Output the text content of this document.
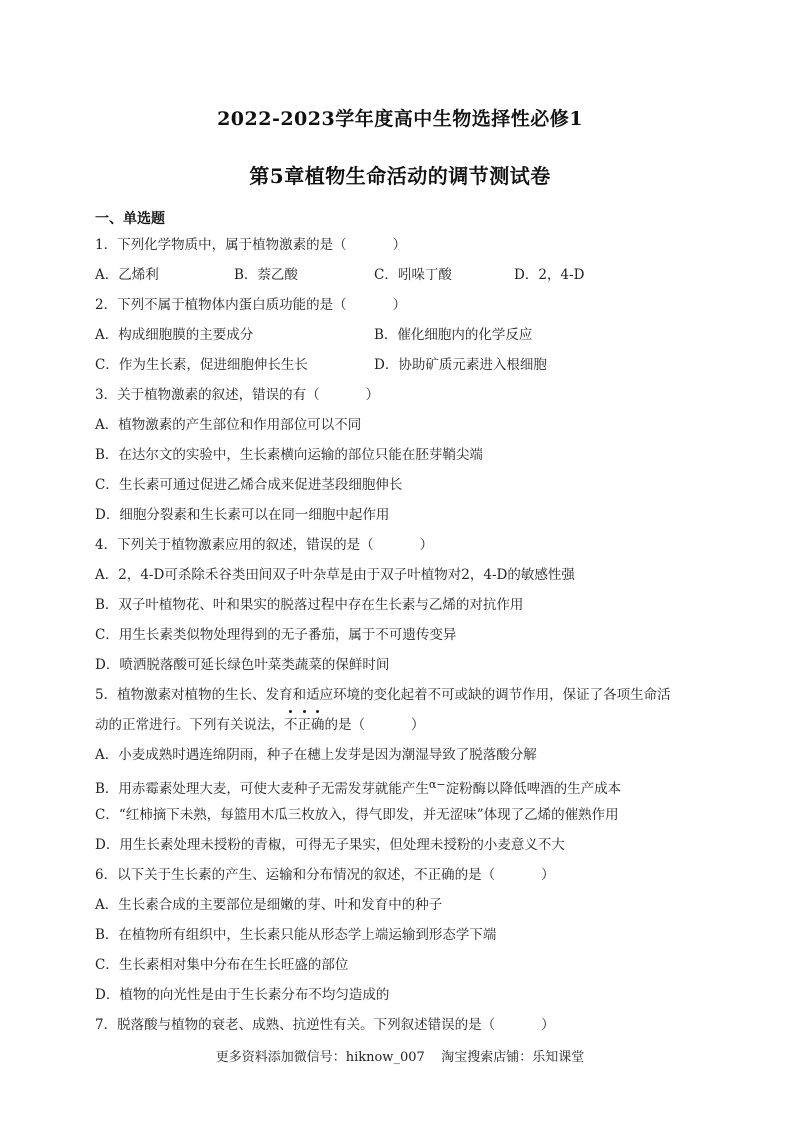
2022-2023学年度高中生物选择性必修1
第5章植物生命活动的调节测试卷
一、单选题
1．下列化学物质中，属于植物激素的是（	）
A．乙烯利	B．萘乙酸	C．吲哚丁酸	D．2，4-D
2．下列不属于植物体内蛋白质功能的是（	）
A．构成细胞膜的主要成分	B．催化细胞内的化学反应
C．作为生长素，促进细胞伸长生长	D．协助矿质元素进入根细胞
3．关于植物激素的叙述，错误的有（	）
A．植物激素的产生部位和作用部位可以不同
B．在达尔文的实验中，生长素横向运输的部位只能在胚芽鞘尖端
C．生长素可通过促进乙烯合成来促进茎段细胞伸长
D．细胞分裂素和生长素可以在同一细胞中起作用
4．下列关于植物激素应用的叙述，错误的是（	）
A．2，4-D可杀除禾谷类田间双子叶杂草是由于双子叶植物对2，4-D的敏感性强
B．双子叶植物花、叶和果实的脱落过程中存在生长素与乙烯的对抗作用
C．用生长素类似物处理得到的无子番茄，属于不可遗传变异
D．喷洒脱落酸可延长绿色叶菜类蔬菜的保鲜时间
5．植物激素对植物的生长、发育和适应环境的变化起着不可或缺的调节作用，保证了各项生命活
动的正常进行。下列有关说法，不正确的是（	）
A．小麦成熟时遇连绵阴雨，种子在穗上发芽是因为潮湿导致了脱落酸分解
B．用赤霉素处理大麦，可使大麦种子无需发芽就能产生$^{\alpha-}$淀粉酶以降低啤酒的生产成本
C．“红柿摘下未熟，每篮用木瓜三枚放入，得气即发，并无涩味”体现了乙烯的催熟作用
D．用生长素处理未授粉的青椒，可得无子果实，但处理未授粉的小麦意义不大
6．以下关于生长素的产生、运输和分布情况的叙述，不正确的是（	）
A．生长素合成的主要部位是细嫩的芽、叶和发育中的种子
B．在植物所有组织中，生长素只能从形态学上端运输到形态学下端
C．生长素相对集中分布在生长旺盛的部位
D．植物的向光性是由于生长素分布不均匀造成的
7．脱落酸与植物的衰老、成熟、抗逆性有关。下列叙述错误的是（	）
更多资料添加微信号：hiknow_007    淘宝搜索店铺：乐知课堂
